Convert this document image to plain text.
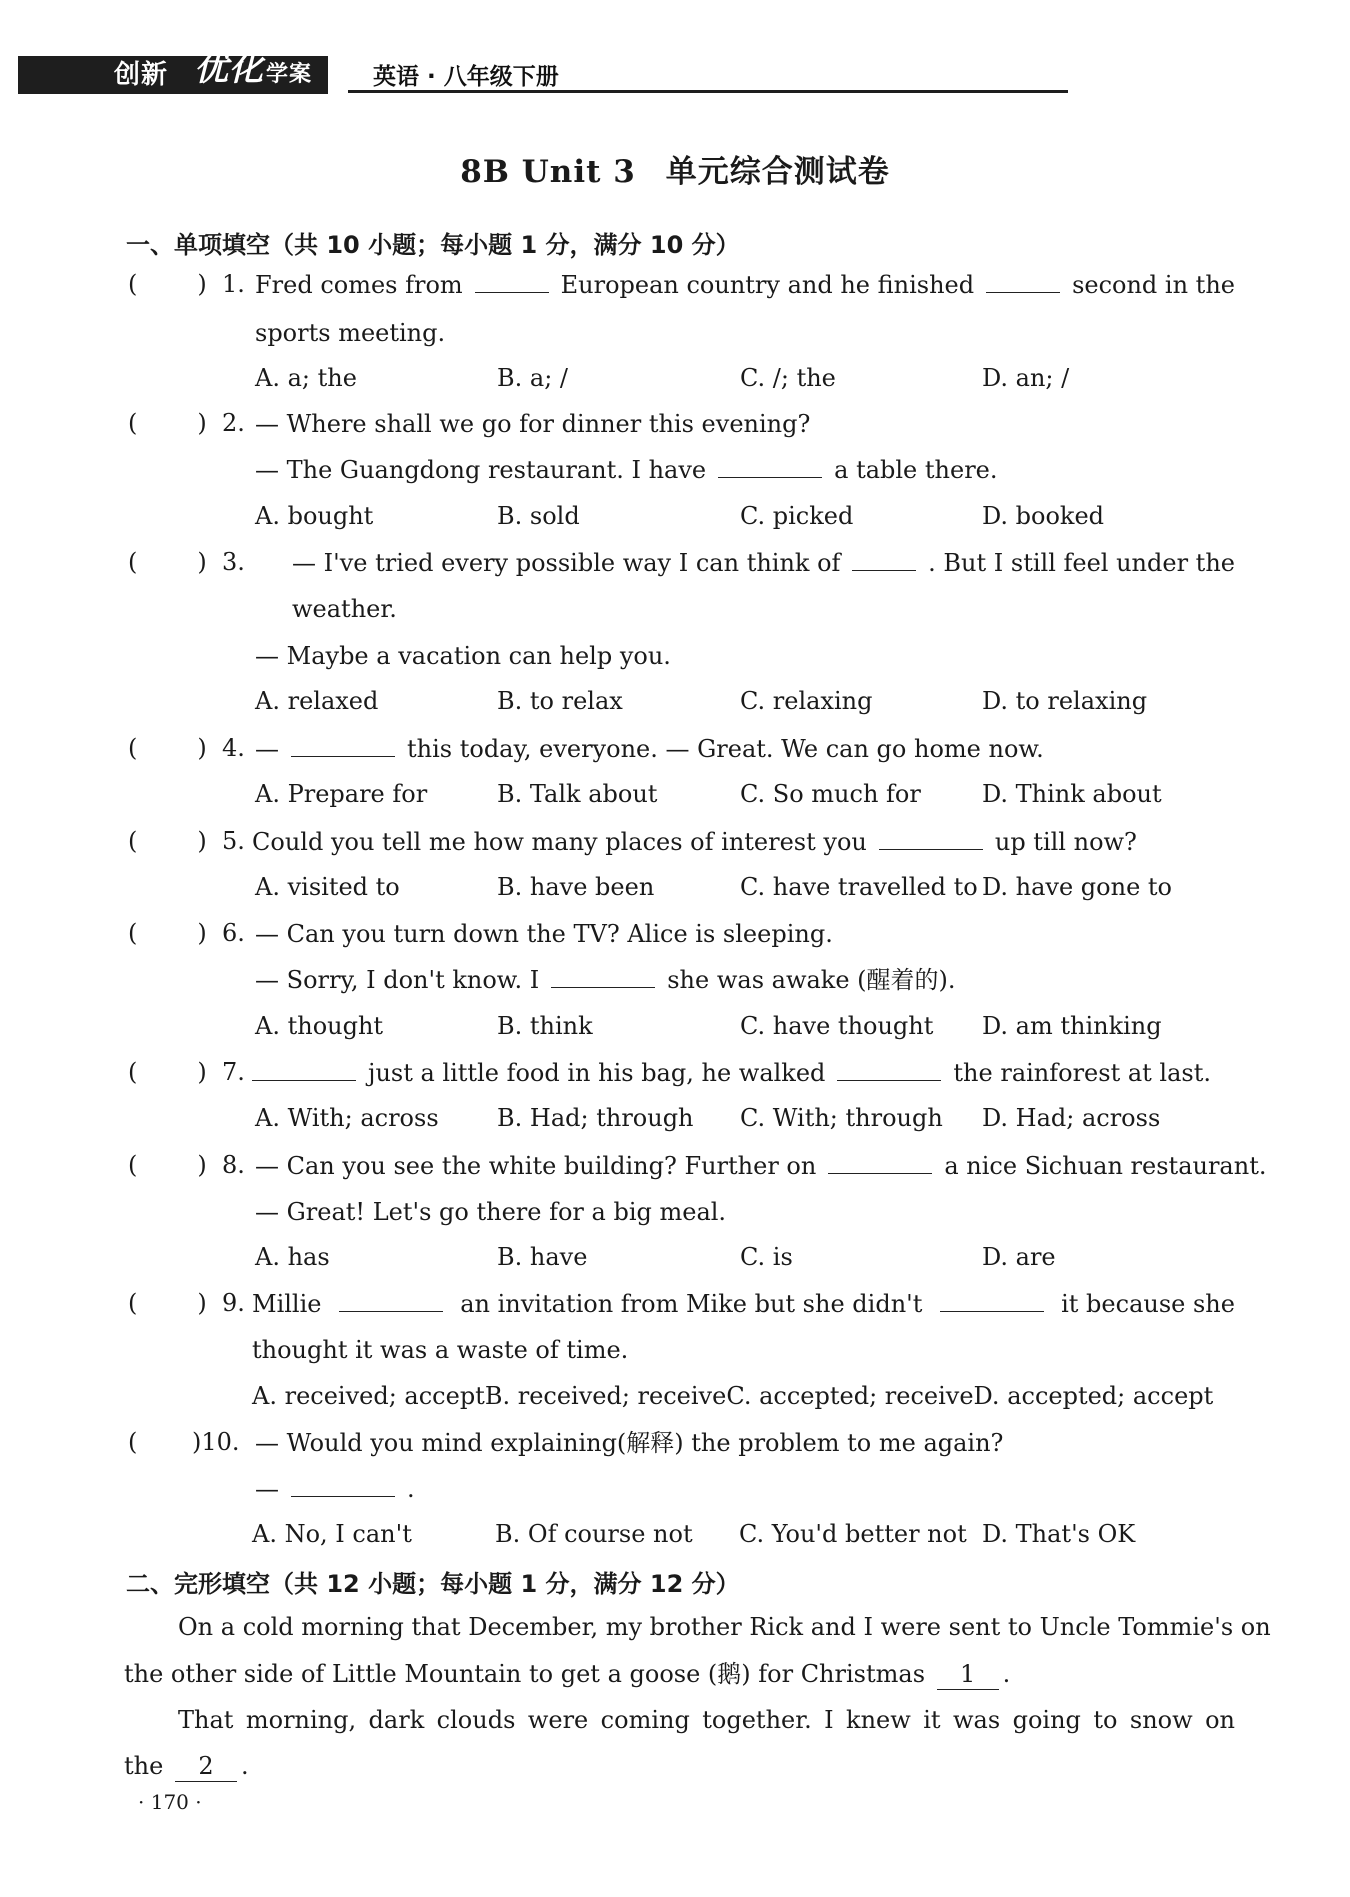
创新 优化 学案	英语 · 八年级下册
8B Unit 3 单元综合测试卷
一、单项填空（共 10 小题；每小题 1 分，满分 10 分）
(	)
(	)
(	)
(	)
(	)
(	)
(	)
(	)
(	)
(
1. Fred comes from	European country and he finished	second in the
sports meeting.
A. a; the	B. a; /	C. /; the	D. an; /
2. — Where shall we go for dinner this evening?
— The Guangdong restaurant. I have	a table there.
A. bought	B. sold	C. picked	D. booked
3. — I've tried every possible way I can think of	. But I still feel under the
weather.
— Maybe a vacation can help you.
A. relaxed	B. to relax	C. relaxing	D. to relaxing
4. —	this today, everyone. — Great. We can go home now.
A. Prepare for	B. Talk about	C. So much for	D. Think about
5. Could you tell me how many places of interest you	up till now?
A. visited to	B. have been	C. have travelled to D. have gone to
6. — Can you turn down the TV? Alice is sleeping.
— Sorry, I don't know. I	she was awake (醒着的).
A. thought	B. think	C. have thought D. am thinking
7.	just a little food in his bag, he walked	the rainforest at last.
A. With; across B. Had; through C. With; through D. Had; across
8. — Can you see the white building? Further on	a nice Sichuan restaurant.
— Great! Let's go there for a big meal.
A. has	B. have	C. is	D. are
9. Millie	an invitation from Mike but she didn't	it because she
thought it was a waste of time.
A. received; accept B. received; receive C. accepted; receive D. accepted; accept
)10. — Would you mind explaining(解释) the problem to me again?
—	.
A. No, I can't	B. Of course not C. You'd better not D. That's OK
二、完形填空（共 12 小题；每小题 1 分，满分 12 分）
On a cold morning that December, my brother Rick and I were sent to Uncle Tommie's on
the other side of Little Mountain to get a goose (鹅) for Christmas 1 .
That morning, dark clouds were coming together. I knew it was going to snow on
the 2 .
· 170 ·
